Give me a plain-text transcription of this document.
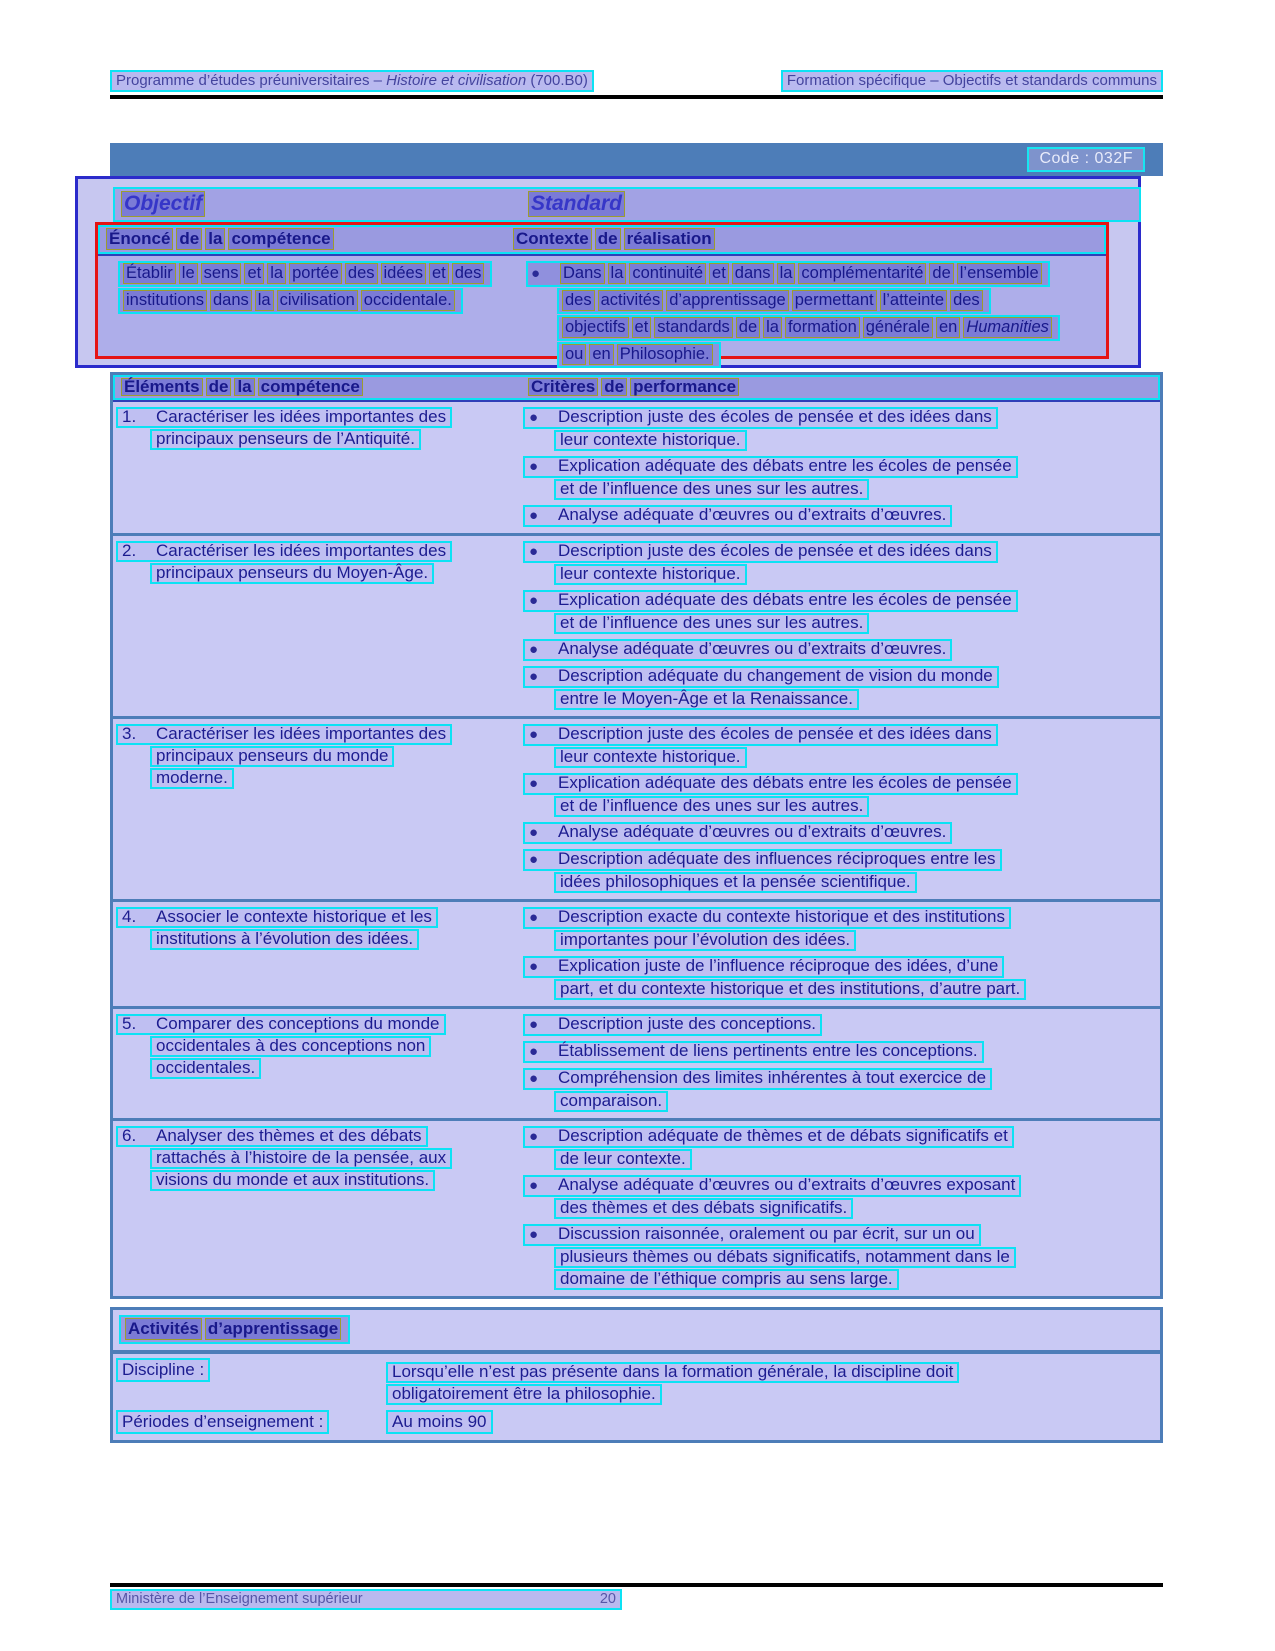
Programme d’études préuniversitaires – Histoire et civilisation (700.B0)	Formation spécifique – Objectifs et standards communs
Code : 032F
Objectif	Standard
Énoncé de la compétence	Contexte de réalisation
Établir le sens et la portée des idées et des
institutions dans la civilisation occidentale.
● Dans la continuité et dans la complémentarité de l’ensemble
des activités d’apprentissage permettant l’atteinte des
objectifs et standards de la formation générale en Humanities
ou en Philosophie.
Éléments de la compétence	Critères de performance
1. Caractériser les idées importantes des
principaux penseurs de l’Antiquité.
● Description juste des écoles de pensée et des idées dans
leur contexte historique.
● Explication adéquate des débats entre les écoles de pensée
et de l’influence des unes sur les autres.
● Analyse adéquate d’œuvres ou d’extraits d’œuvres.
2. Caractériser les idées importantes des
principaux penseurs du Moyen-Âge.
● Description juste des écoles de pensée et des idées dans
leur contexte historique.
● Explication adéquate des débats entre les écoles de pensée
et de l’influence des unes sur les autres.
● Analyse adéquate d’œuvres ou d’extraits d’œuvres.
● Description adéquate du changement de vision du monde
entre le Moyen-Âge et la Renaissance.
3. Caractériser les idées importantes des
principaux penseurs du monde
moderne.
● Description juste des écoles de pensée et des idées dans
leur contexte historique.
● Explication adéquate des débats entre les écoles de pensée
et de l’influence des unes sur les autres.
● Analyse adéquate d’œuvres ou d’extraits d’œuvres.
● Description adéquate des influences réciproques entre les
idées philosophiques et la pensée scientifique.
4. Associer le contexte historique et les
institutions à l’évolution des idées.
● Description exacte du contexte historique et des institutions
importantes pour l’évolution des idées.
● Explication juste de l’influence réciproque des idées, d’une
part, et du contexte historique et des institutions, d’autre part.
5. Comparer des conceptions du monde
occidentales à des conceptions non
occidentales.
● Description juste des conceptions.
● Établissement de liens pertinents entre les conceptions.
● Compréhension des limites inhérentes à tout exercice de
comparaison.
6. Analyser des thèmes et des débats
rattachés à l’histoire de la pensée, aux
visions du monde et aux institutions.
● Description adéquate de thèmes et de débats significatifs et
de leur contexte.
● Analyse adéquate d’œuvres ou d’extraits d’œuvres exposant
des thèmes et des débats significatifs.
● Discussion raisonnée, oralement ou par écrit, sur un ou
plusieurs thèmes ou débats significatifs, notamment dans le
domaine de l’éthique compris au sens large.
Activités d’apprentissage
Discipline :	Lorsqu’elle n’est pas présente dans la formation générale, la discipline doit
obligatoirement être la philosophie.
Périodes d’enseignement :	Au moins 90
Ministère de l’Enseignement supérieur	20
